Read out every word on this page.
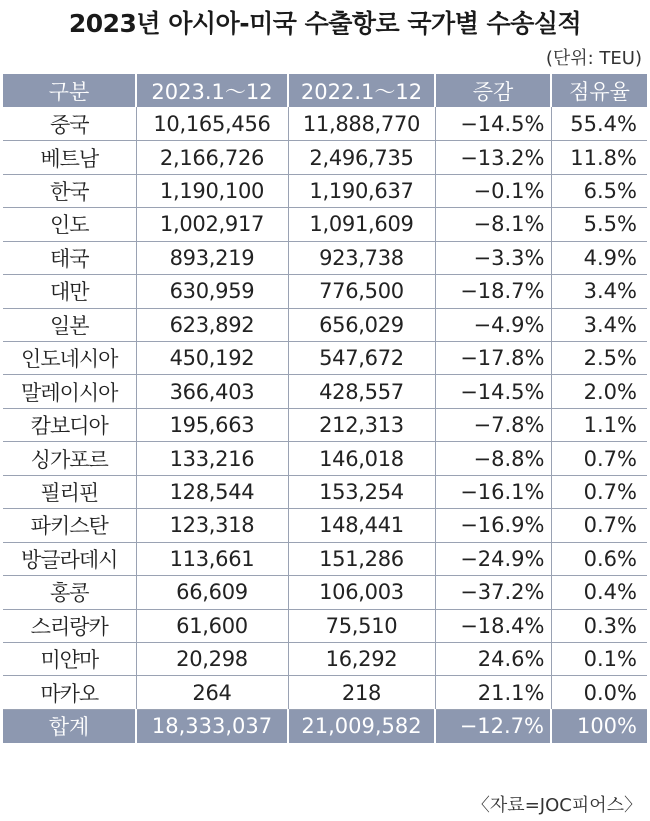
2023년 아시아-미국 수출항로 국가별 수송실적
(단위: TEU)
구분	2023.1～12	2022.1～12	증감	점유율
중국	10,165,456	11,888,770	−14.5%	55.4%
베트남	2,166,726	2,496,735	−13.2%	11.8%
한국	1,190,100	1,190,637	−0.1%	6.5%
인도	1,002,917	1,091,609	−8.1%	5.5%
태국	893,219	923,738	−3.3%	4.9%
대만	630,959	776,500	−18.7%	3.4%
일본	623,892	656,029	−4.9%	3.4%
인도네시아	450,192	547,672	−17.8%	2.5%
말레이시아	366,403	428,557	−14.5%	2.0%
캄보디아	195,663	212,313	−7.8%	1.1%
싱가포르	133,216	146,018	−8.8%	0.7%
필리핀	128,544	153,254	−16.1%	0.7%
파키스탄	123,318	148,441	−16.9%	0.7%
방글라데시	113,661	151,286	−24.9%	0.6%
홍콩	66,609	106,003	−37.2%	0.4%
스리랑카	61,600	75,510	−18.4%	0.3%
미얀마	20,298	16,292	24.6%	0.1%
마카오	264	218	21.1%	0.0%
합계	18,333,037	21,009,582	−12.7%	100%
〈자료=JOC피어스〉
